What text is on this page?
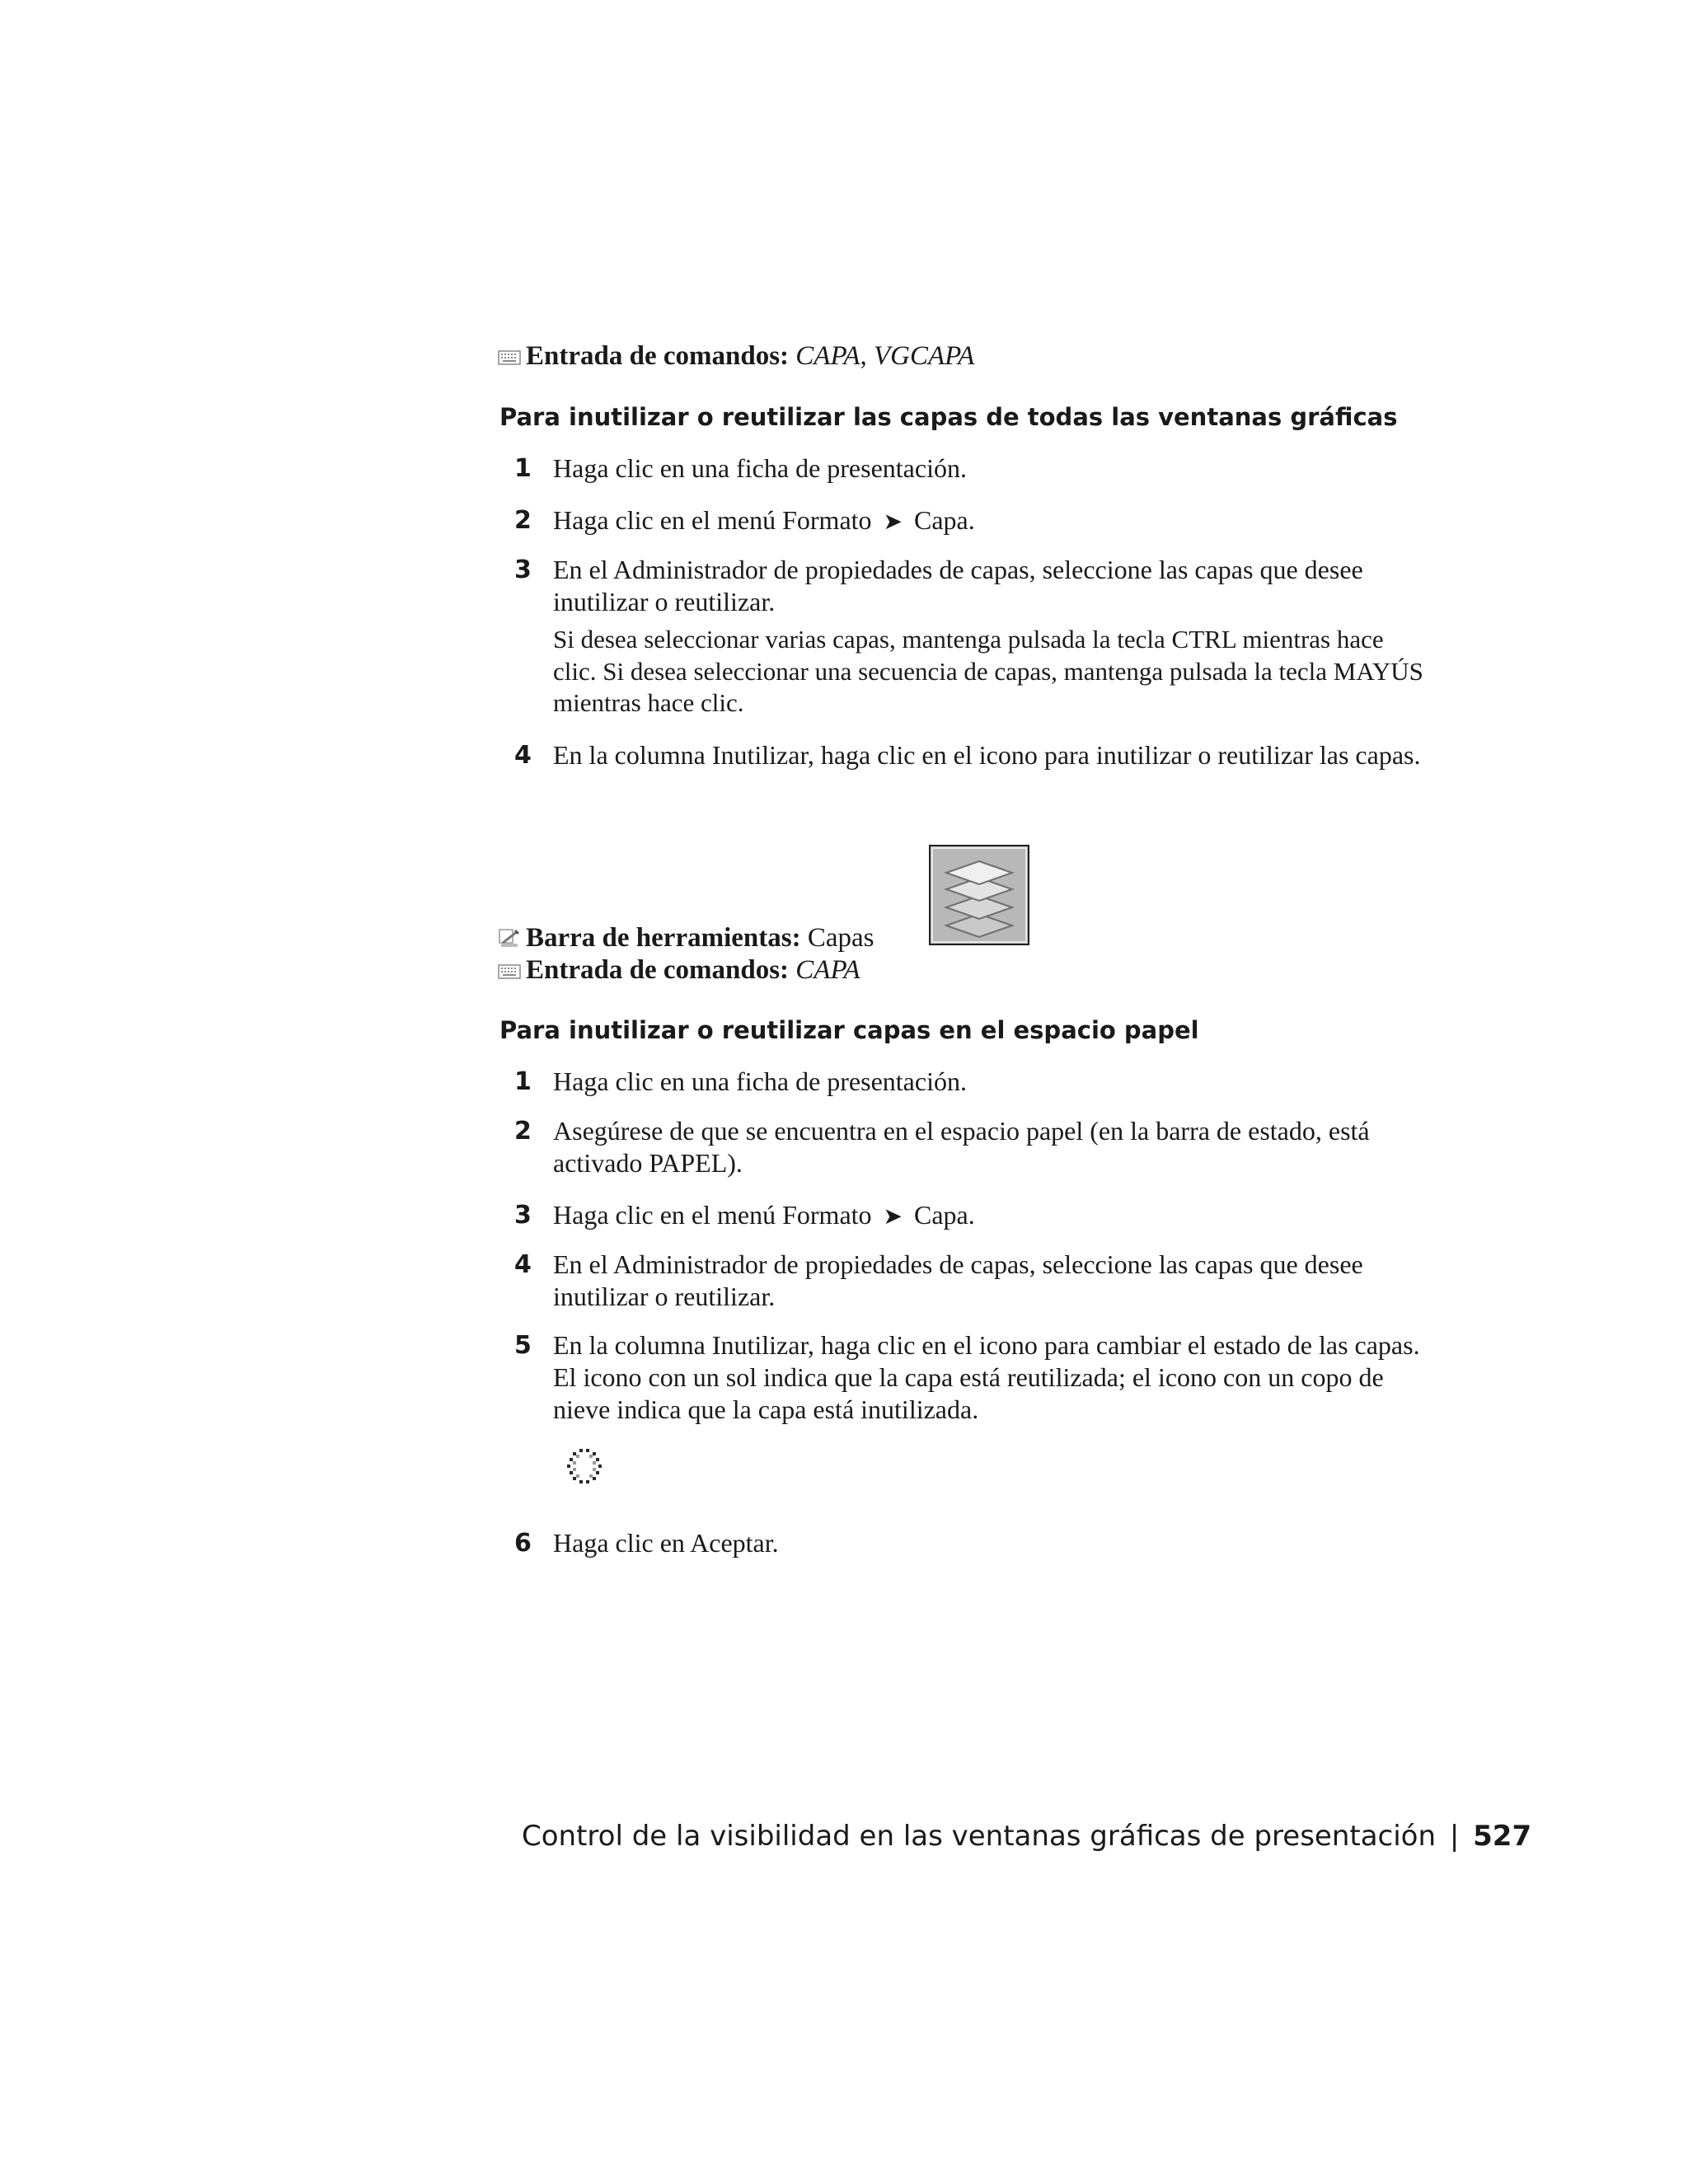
Entrada de comandos: CAPA, VGCAPA
Para inutilizar o reutilizar las capas de todas las ventanas gráficas
1 Haga clic en una ficha de presentación.
2 Haga clic en el menú Formato ➤ Capa.
3 En el Administrador de propiedades de capas, seleccione las capas que desee inutilizar o reutilizar.
Si desea seleccionar varias capas, mantenga pulsada la tecla CTRL mientras hace clic. Si desea seleccionar una secuencia de capas, mantenga pulsada la tecla MAYÚS mientras hace clic.
4 En la columna Inutilizar, haga clic en el icono para inutilizar o reutilizar las capas.
Barra de herramientas: Capas
Entrada de comandos: CAPA
Para inutilizar o reutilizar capas en el espacio papel
1 Haga clic en una ficha de presentación.
2 Asegúrese de que se encuentra en el espacio papel (en la barra de estado, está activado PAPEL).
3 Haga clic en el menú Formato ➤ Capa.
4 En el Administrador de propiedades de capas, seleccione las capas que desee inutilizar o reutilizar.
5 En la columna Inutilizar, haga clic en el icono para cambiar el estado de las capas. El icono con un sol indica que la capa está reutilizada; el icono con un copo de nieve indica que la capa está inutilizada.
6 Haga clic en Aceptar.
Control de la visibilidad en las ventanas gráficas de presentación | 527
